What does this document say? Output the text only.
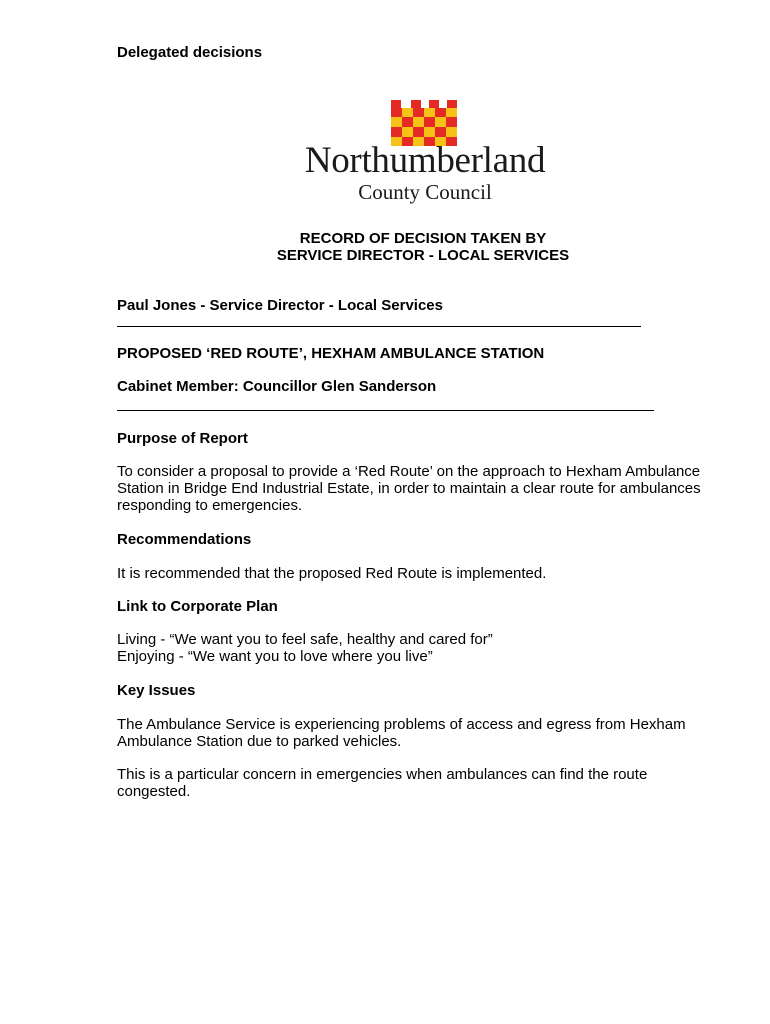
Delegated decisions
Northumberland
County Council
RECORD OF DECISION TAKEN BY
SERVICE DIRECTOR - LOCAL SERVICES
Paul Jones - Service Director - Local Services
PROPOSED ‘RED ROUTE’, HEXHAM AMBULANCE STATION
Cabinet Member: Councillor Glen Sanderson
Purpose of Report
To consider a proposal to provide a ‘Red Route’ on the approach to Hexham Ambulance
Station in Bridge End Industrial Estate, in order to maintain a clear route for ambulances
responding to emergencies.
Recommendations
It is recommended that the proposed Red Route is implemented.
Link to Corporate Plan
Living - “We want you to feel safe, healthy and cared for”
Enjoying - “We want you to love where you live”
Key Issues
The Ambulance Service is experiencing problems of access and egress from Hexham
Ambulance Station due to parked vehicles.
This is a particular concern in emergencies when ambulances can find the route
congested.
